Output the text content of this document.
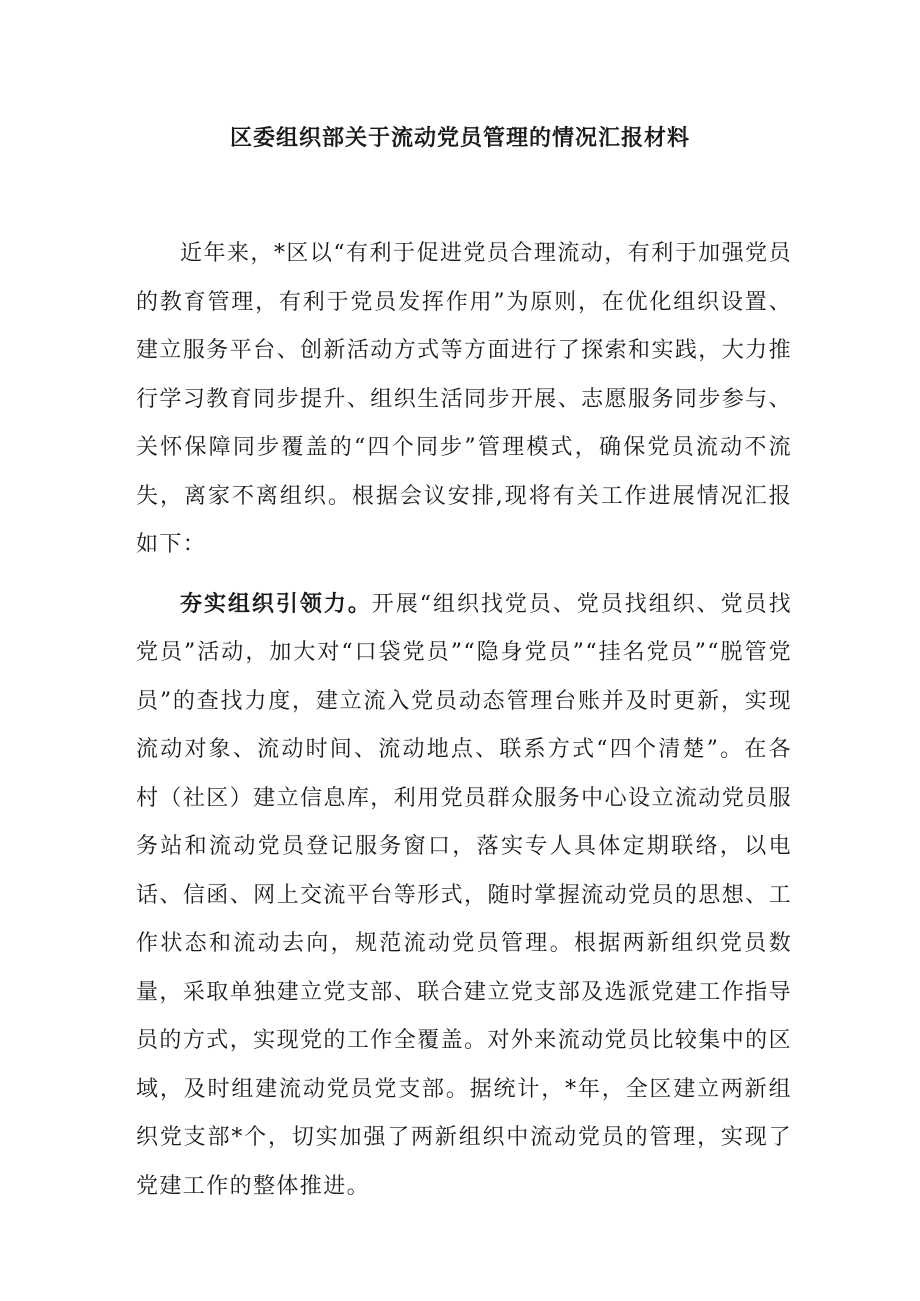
区委组织部关于流动党员管理的情况汇报材料

近年来，*区以“有利于促进党员合理流动，有利于加强党员的教育管理，有利于党员发挥作用”为原则，在优化组织设置、建立服务平台、创新活动方式等方面进行了探索和实践，大力推行学习教育同步提升、组织生活同步开展、志愿服务同步参与、关怀保障同步覆盖的“四个同步”管理模式，确保党员流动不流失，离家不离组织。根据会议安排,现将有关工作进展情况汇报如下：

夯实组织引领力。开展“组织找党员、党员找组织、党员找党员”活动，加大对“口袋党员”“隐身党员”“挂名党员”“脱管党员”的查找力度，建立流入党员动态管理台账并及时更新，实现流动对象、流动时间、流动地点、联系方式“四个清楚”。在各村（社区）建立信息库，利用党员群众服务中心设立流动党员服务站和流动党员登记服务窗口，落实专人具体定期联络，以电话、信函、网上交流平台等形式，随时掌握流动党员的思想、工作状态和流动去向，规范流动党员管理。根据两新组织党员数量，采取单独建立党支部、联合建立党支部及选派党建工作指导员的方式，实现党的工作全覆盖。对外来流动党员比较集中的区域，及时组建流动党员党支部。据统计，*年，全区建立两新组织党支部*个，切实加强了两新组织中流动党员的管理，实现了党建工作的整体推进。
